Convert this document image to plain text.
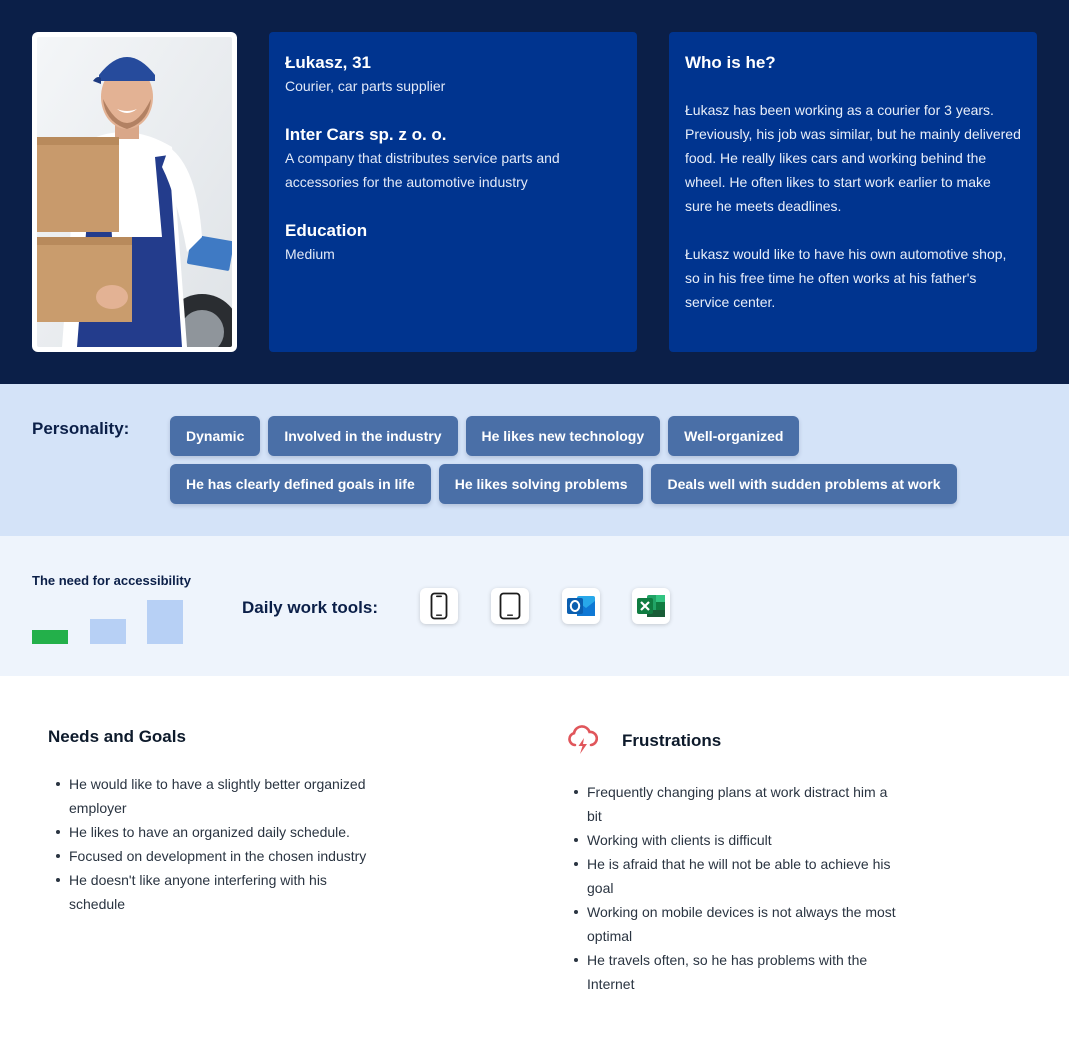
Łukasz, 31
Courier, car parts supplier
Inter Cars sp. z o. o.
A company that distributes service parts and accessories for the automotive industry
Education
Medium
Who is he?

Łukasz has been working as a courier for 3 years. Previously, his job was similar, but he mainly delivered food. He really likes cars and working behind the wheel. He often likes to start work earlier to make sure he meets deadlines.

Łukasz would like to have his own automotive shop, so in his free time he often works at his father's service center.

Personality:	Dynamic	Involved in the industry	He likes new technology	Well-organized
He has clearly defined goals in life	He likes solving problems	Deals well with sudden problems at work
The need for accessibility
Daily work tools:
Needs and Goals
He would like to have a slightly better organized employer
He likes to have an organized daily schedule.
Focused on development in the chosen industry
He doesn't like anyone interfering with his schedule
Frustrations
Frequently changing plans at work distract him a bit
Working with clients is difficult
He is afraid that he will not be able to achieve his goal
Working on mobile devices is not always the most optimal
He travels often, so he has problems with the Internet
